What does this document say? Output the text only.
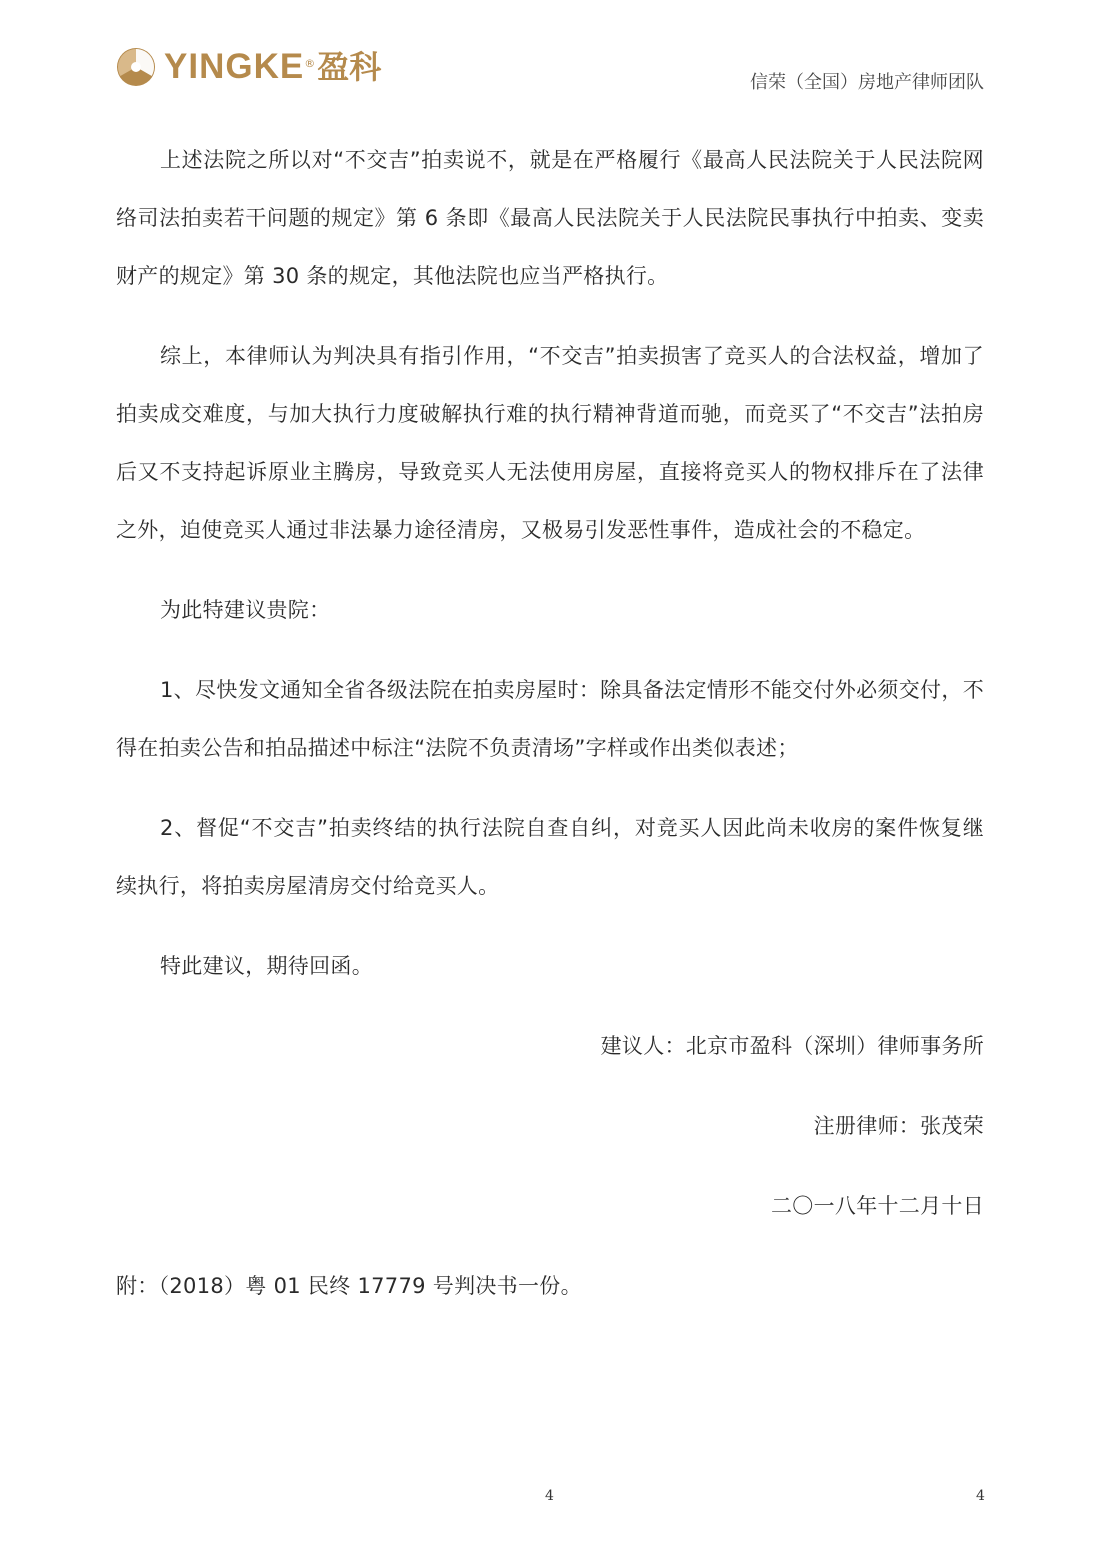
YINGKE ® 盈科	信荣（全国）房地产律师团队

上述法院之所以对“不交吉”拍卖说不，就是在严格履行《最高人民法院关于人民法院网络司法拍卖若干问题的规定》第 6 条即《最高人民法院关于人民法院民事执行中拍卖、变卖财产的规定》第 30 条的规定，其他法院也应当严格执行。

综上，本律师认为判决具有指引作用，“不交吉”拍卖损害了竞买人的合法权益，增加了拍卖成交难度，与加大执行力度破解执行难的执行精神背道而驰，而竞买了“不交吉”法拍房后又不支持起诉原业主腾房，导致竞买人无法使用房屋，直接将竞买人的物权排斥在了法律之外，迫使竞买人通过非法暴力途径清房，又极易引发恶性事件，造成社会的不稳定。

为此特建议贵院：

1、尽快发文通知全省各级法院在拍卖房屋时：除具备法定情形不能交付外必须交付，不得在拍卖公告和拍品描述中标注“法院不负责清场”字样或作出类似表述；

2、督促“不交吉”拍卖终结的执行法院自查自纠，对竞买人因此尚未收房的案件恢复继续执行，将拍卖房屋清房交付给竞买人。

特此建议，期待回函。

建议人：北京市盈科（深圳）律师事务所

注册律师：张茂荣

二〇一八年十二月十日

附：（2018）粤 01 民终 17779 号判决书一份。

4	4
